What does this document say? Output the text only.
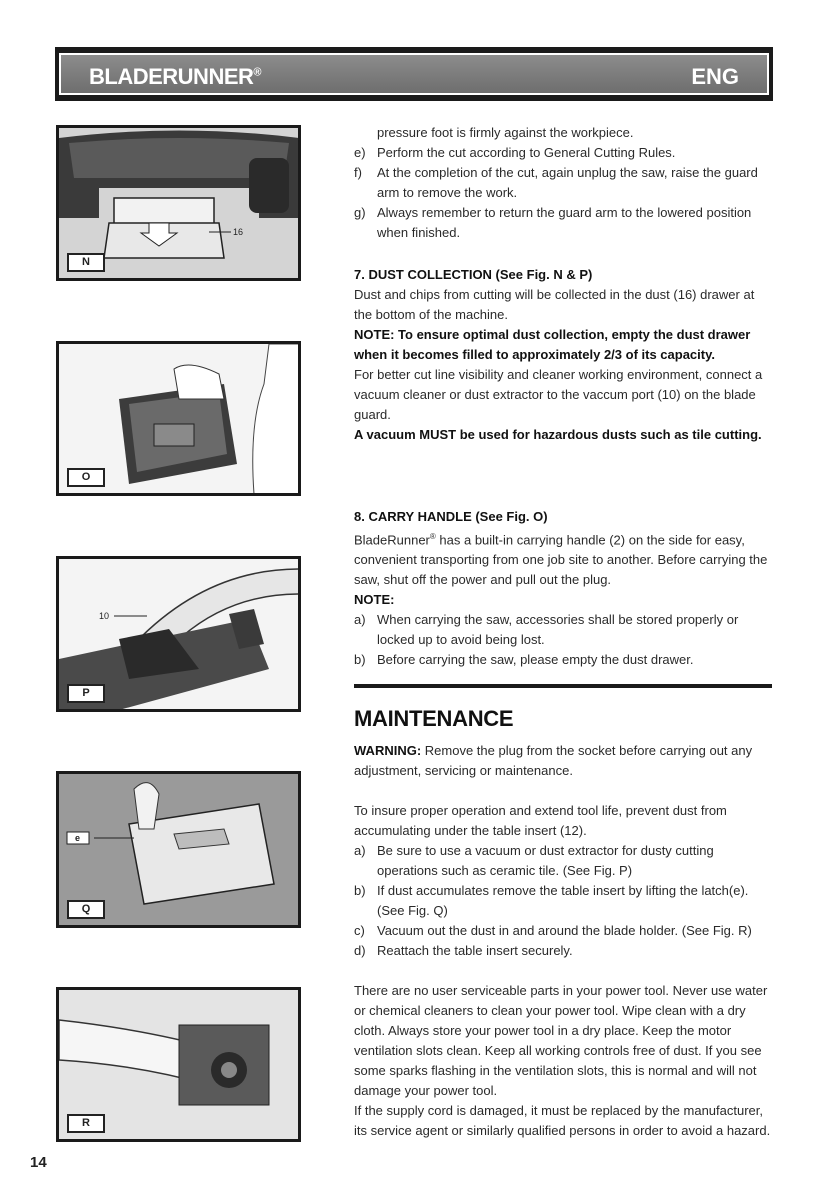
BLADERUNNER®	ENG
16
N
O
10
P
e
Q
R

pressure foot is firmly against the workpiece.

e) Perform the cut according to General Cutting Rules.

f) At the completion of the cut, again unplug the saw, raise the guard arm to remove the work.

g) Always remember to return the guard arm to the lowered position when finished.

7. DUST COLLECTION (See Fig. N & P)

Dust and chips from cutting will be collected in the dust (16) drawer at the bottom of the machine.

NOTE: To ensure optimal dust collection, empty the dust drawer when it becomes filled to approximately 2/3 of its capacity.

For better cut line visibility and cleaner working environment, connect a vacuum cleaner or dust extractor to the vaccum port (10) on the blade guard.

A vacuum MUST be used for hazardous dusts such as tile cutting.

8. CARRY HANDLE (See Fig. O)

BladeRunner® has a built-in carrying handle (2) on the side for easy, convenient transporting from one job site to another. Before carrying the saw, shut off the power and pull out the plug.

NOTE:

a) When carrying the saw, accessories shall be stored properly or locked up to avoid being lost.

b) Before carrying the saw, please empty the dust drawer.

MAINTENANCE

WARNING: Remove the plug from the socket before carrying out any adjustment, servicing or maintenance.

To insure proper operation and extend tool life, prevent dust from accumulating under the table insert (12).

a) Be sure to use a vacuum or dust extractor for dusty cutting operations such as ceramic tile. (See Fig. P)

b) If dust accumulates remove the table insert by lifting the latch(e). (See Fig. Q)

c) Vacuum out the dust in and around the blade holder. (See Fig. R)

d) Reattach the table insert securely.

There are no user serviceable parts in your power tool. Never use water or chemical cleaners to clean your power tool. Wipe clean with a dry cloth. Always store your power tool in a dry place. Keep the motor ventilation slots clean. Keep all working controls free of dust. If you see some sparks flashing in the ventilation slots, this is normal and will not damage your power tool.

If the supply cord is damaged, it must be replaced by the manufacturer, its service agent or similarly qualified persons in order to avoid a hazard.

14
